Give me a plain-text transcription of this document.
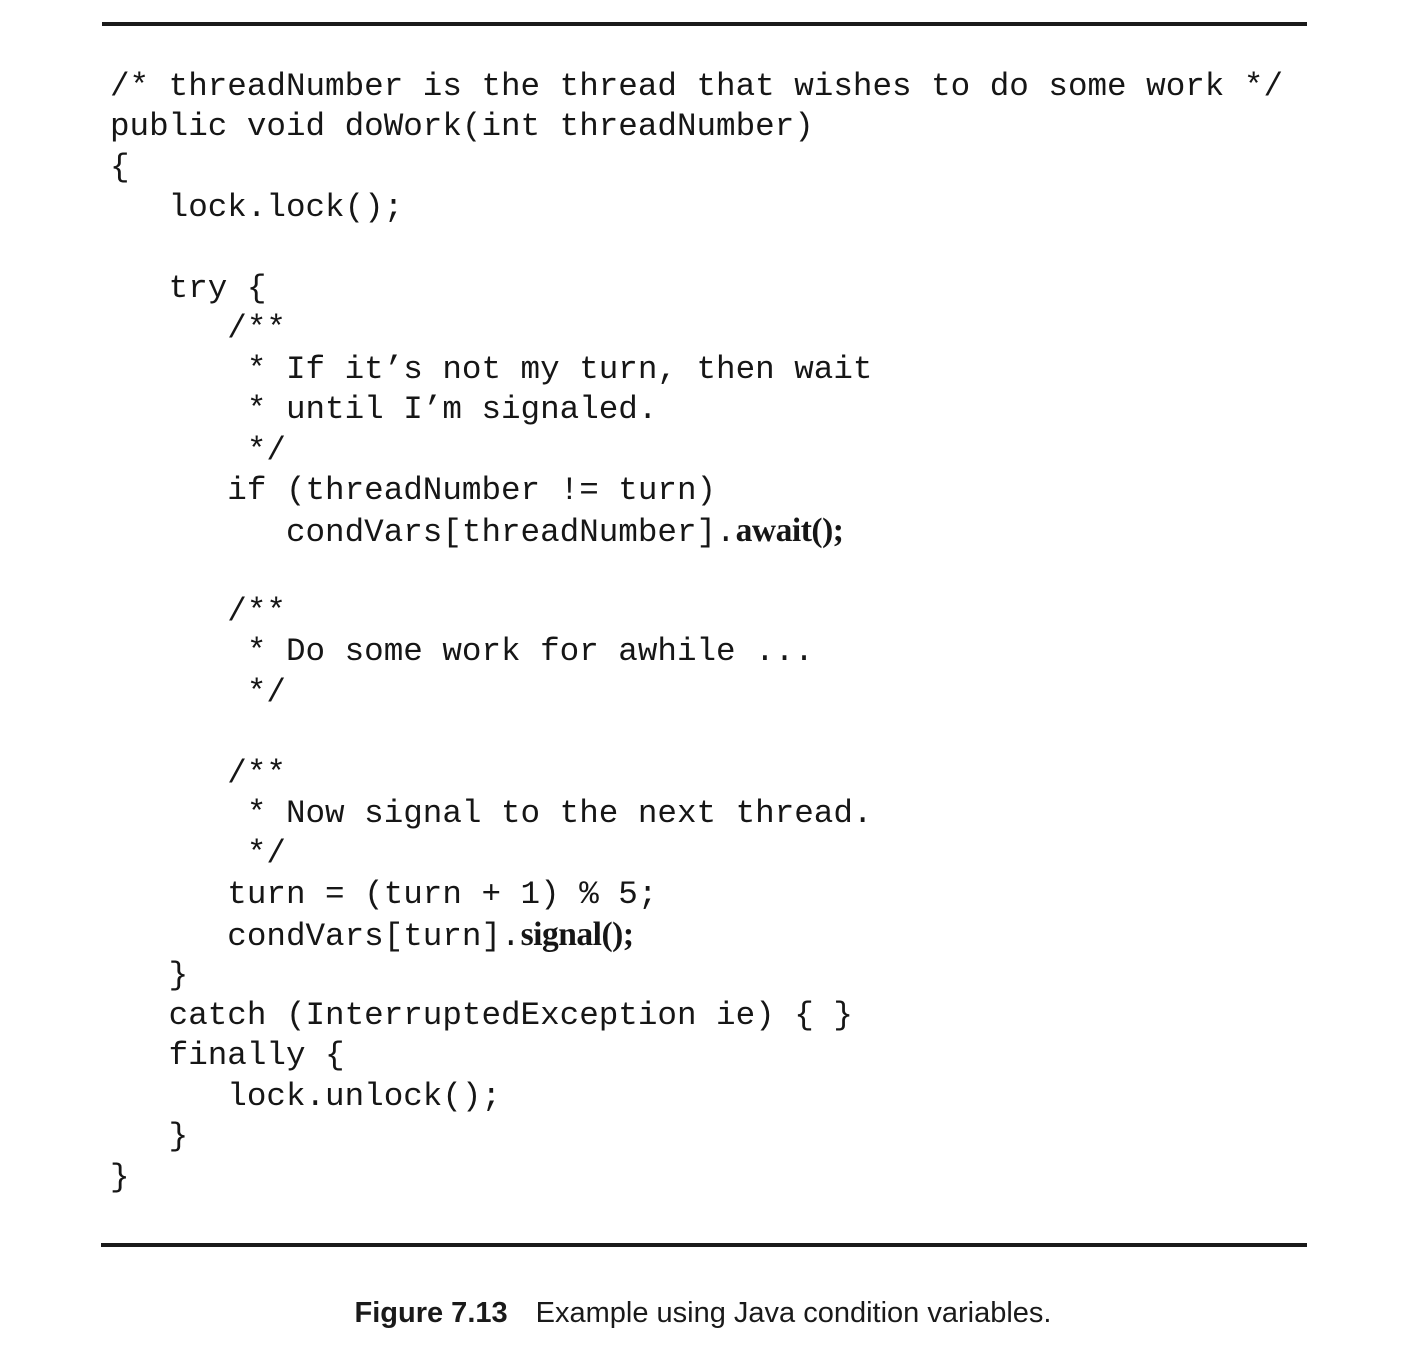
/* threadNumber is the thread that wishes to do some work */
public void doWork(int threadNumber)
{
lock.lock();

try {
/**
* If it’s not my turn, then wait
* until I’m signaled.
*/
if (threadNumber != turn)
condVars[threadNumber].await();

/**
* Do some work for awhile ...
*/

/**
* Now signal to the next thread.
*/
turn = (turn + 1) % 5;
condVars[turn].signal();
}
catch (InterruptedException ie) { }
finally {
lock.unlock();
}
}
Figure 7.13 Example using Java condition variables.
